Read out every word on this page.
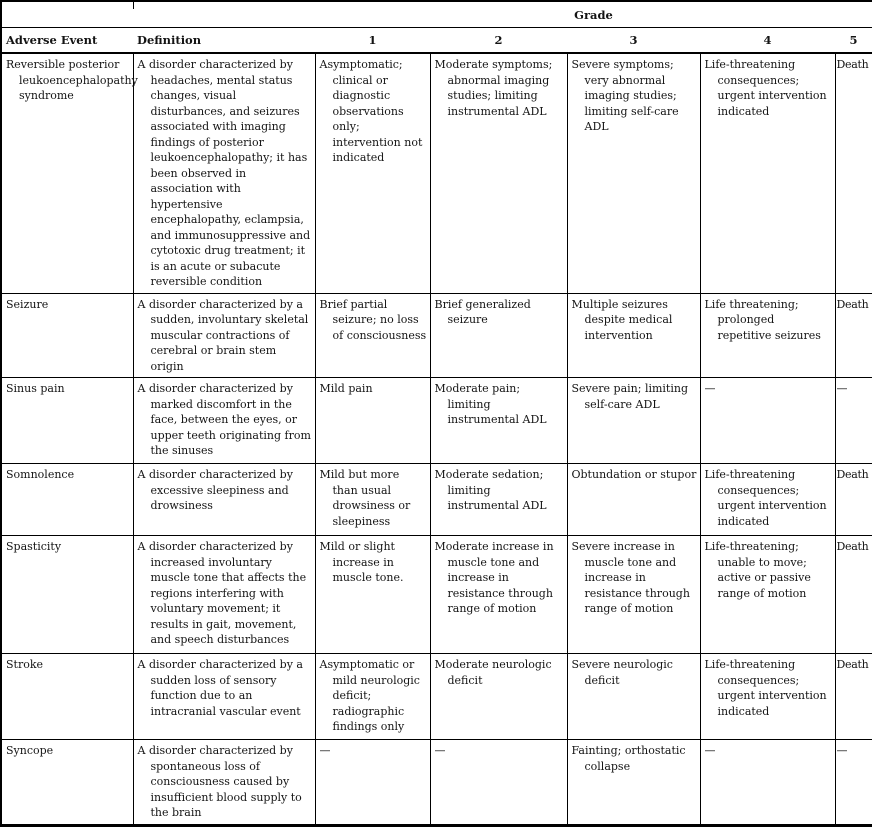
		Grade				
Adverse Event	Definition	1	2	3	4	5
Reversible posterior leukoencephalopathy syndrome	A disorder characterized by headaches, mental status changes, visual disturbances, and seizures associated with imaging findings of posterior leukoencephalopathy; it has been observed in association with hypertensive encephalopathy, eclampsia, and immunosuppressive and cytotoxic drug treatment; it is an acute or subacute reversible condition	Asymptomatic; clinical or diagnostic observations only; intervention not indicated	Moderate symptoms; abnormal imaging studies; limiting instrumental ADL	Severe symptoms; very abnormal imaging studies; limiting self-care ADL	Life-threatening consequences; urgent intervention indicated	Death
Seizure	A disorder characterized by a sudden, involuntary skeletal muscular contractions of cerebral or brain stem origin	Brief partial seizure; no loss of consciousness	Brief generalized seizure	Multiple seizures despite medical intervention	Life threatening; prolonged repetitive seizures	Death
Sinus pain	A disorder characterized by marked discomfort in the face, between the eyes, or upper teeth originating from the sinuses	Mild pain	Moderate pain; limiting instrumental ADL	Severe pain; limiting self-care ADL	—	—
Somnolence	A disorder characterized by excessive sleepiness and drowsiness	Mild but more than usual drowsiness or sleepiness	Moderate sedation; limiting instrumental ADL	Obtundation or stupor	Life-threatening consequences; urgent intervention indicated	Death
Spasticity	A disorder characterized by increased involuntary muscle tone that affects the regions interfering with voluntary movement; it results in gait, movement, and speech disturbances	Mild or slight increase in muscle tone.	Moderate increase in muscle tone and increase in resistance through range of motion	Severe increase in muscle tone and increase in resistance through range of motion	Life-threatening; unable to move; active or passive range of motion	Death
Stroke	A disorder characterized by a sudden loss of sensory function due to an intracranial vascular event	Asymptomatic or mild neurologic deficit; radiographic findings only	Moderate neurologic deficit	Severe neurologic deficit	Life-threatening consequences; urgent intervention indicated	Death
Syncope	A disorder characterized by spontaneous loss of consciousness caused by insufficient blood supply to the brain	—	—	Fainting; orthostatic collapse	—	—
